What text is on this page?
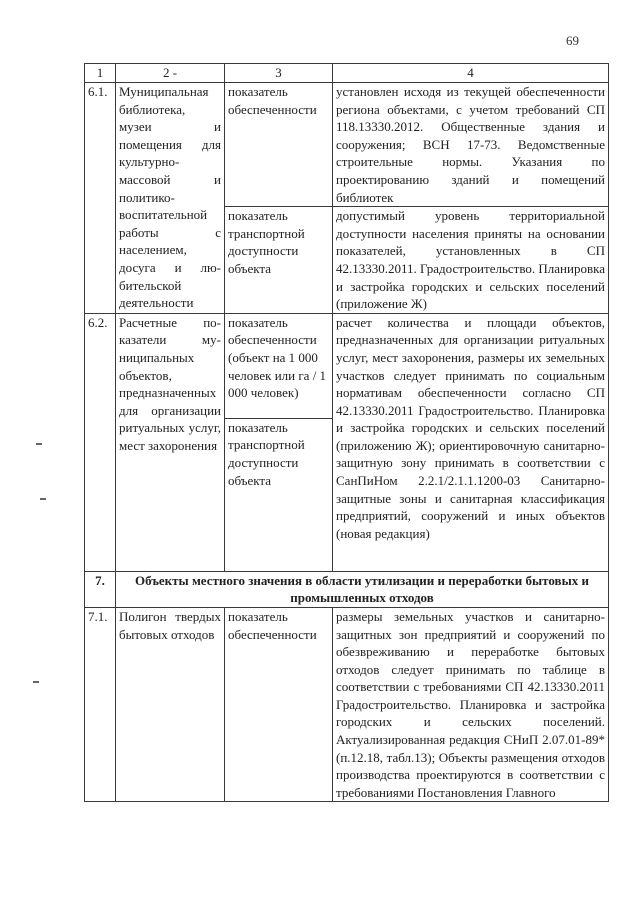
69
1	2 -	3	4
6.1.	Муниципальная библиотека, музеи и помещения для культурно-массовой и политико-воспитательной работы с населением, досуга и любительской деятельности	показатель обеспеченности	установлен исходя из текущей обеспеченности региона объектами, с учетом требований СП 118.13330.2012. Общественные здания и сооружения; ВСН 17-73. Ведомственные строительные нормы. Указания по проектированию зданий и помещений библиотек
		показатель транспортной доступности объекта	допустимый уровень территориальной доступности населения приняты на основании показателей, установленных в СП 42.13330.2011. Градостроительство. Планировка и застройка городских и сельских поселений (приложение Ж)
6.2.	Расчетные показатели муниципальных объектов, предназначенных для организации ритуальных услуг, мест захоронения	показатель обеспеченности (объект на 1 000 человек или га / 1 000 человек)	расчет количества и площади объектов, предназначенных для организации ритуальных услуг, мест захоронения, размеры их земельных участков следует принимать по социальным нормативам обеспеченности согласно СП 42.13330.2011 Градостроительство. Планировка и застройка городских и сельских поселений (приложению Ж); ориентировочную санитарно-защитную зону принимать в соответствии с СанПиНом 2.2.1/2.1.1.1200-03 Санитарно-защитные зоны и санитарная классификация предприятий, сооружений и иных объектов (новая редакция)
		показатель транспортной доступности объекта	
7.	Объекты местного значения в области утилизации и переработки бытовых и промышленных отходов		
7.1.	Полигон твердых бытовых отходов	показатель обеспеченности	размеры земельных участков и санитарно-защитных зон предприятий и сооружений по обезвреживанию и переработке бытовых отходов следует принимать по таблице в соответствии с требованиями СП 42.13330.2011 Градостроительство. Планировка и застройка городских и сельских поселений. Актуализированная редакция СНиП 2.07.01-89* (п.12.18, табл.13); Объекты размещения отходов производства проектируются в соответствии с требованиями Постановления Главного
